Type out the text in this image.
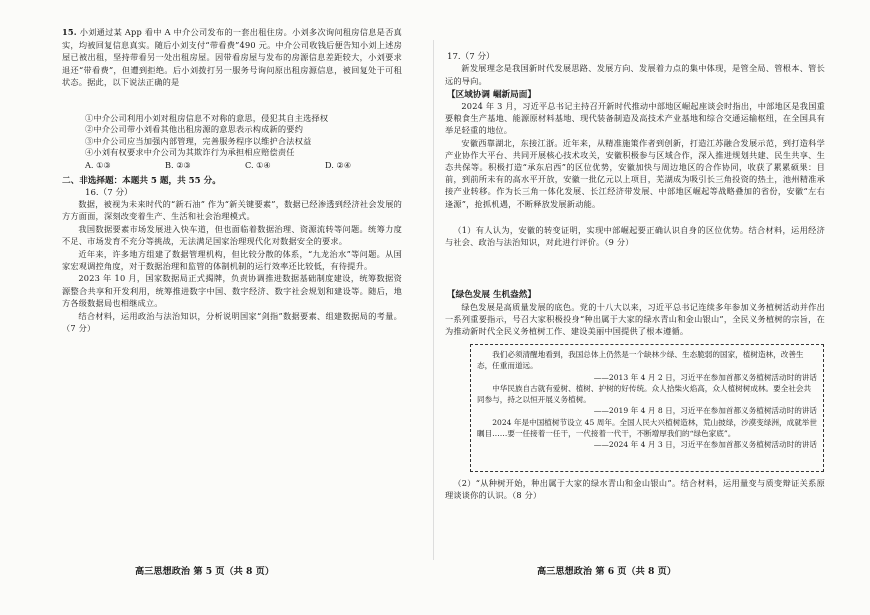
15. 小刘通过某 App 看中 A 中介公司发布的一套出租住房。小刘多次询问租房信息是否真实，均被回复信息真实。随后小刘支付“带看费”490 元。中介公司收钱后便告知小刘上述房屋已被出租，坚持带看另一处出租房屋。因带看房屋与发布的房源信息差距较大，小刘要求退还“带看费”，但遭到拒绝。后小刘拨打另一服务号询问原出租房源信息，被回复处于可租状态。据此，以下说法正确的是
①中介公司利用小刘对租房信息不对称的意思，侵犯其自主选择权
②中介公司带小刘看其他出租房源的意思表示构成新的要约
③中介公司应当加强内部管理，完善服务程序以维护合法权益
④小刘有权要求中介公司为其欺诈行为承担相应赔偿责任
A. ①③	B. ②③	C. ①④	D. ②④
二、非选择题：本题共 5 题，共 55 分。
16.（7 分）
数据，被视为未来时代的“新石油” 作为“新关键要素”，数据已经渗透到经济社会发展的方方面面，深刻改变着生产、生活和社会治理模式。
我国数据要素市场发展进入快车道，但也面临着数据治理、资源流转等问题。统筹力度不足、市场发育不充分等挑战，无法满足国家治理现代化对数据安全的要求。
近年来，许多地方组建了数据管理机构，但比较分散的体系，“九龙治水”等问题。从国家宏观调控角度，对于数据治理和监管的体制机制的运行效率还比较低，有待提升。
2023 年 10 月，国家数据局正式揭牌，负责协调推进数据基础制度建设，统筹数据资源整合共享和开发利用，统筹推进数字中国、数字经济、数字社会规划和建设等。随后，地方各级数据局也相继成立。
结合材料，运用政治与法治知识，分析说明国家“剑指”数据要素、组建数据局的考量。（7 分）
高三思想政治 第 5 页（共 8 页）
17.（7 分）
新发展理念是我国新时代发展思路、发展方向、发展着力点的集中体现，是管全局、管根本、管长远的导向。
【区域协调 崛新局面】
2024 年 3 月，习近平总书记主持召开新时代推动中部地区崛起座谈会时指出，中部地区是我国重要粮食生产基地、能源原材料基地、现代装备制造及高技术产业基地和综合交通运输枢纽，在全国具有举足轻重的地位。
安徽西靠湖北，东接江浙。近年来，从精准施策作者到创新，打造江苏融合发展示范，到打造科学产业协作大平台、共同开展核心技术攻关，安徽积极参与区域合作，深入推进规划共建、民生共享、生态共保等。积极打造“承东启西”的区位优势，安徽加快与周边地区的合作协同，收获了累累硕果：目前，到前所未有的高水平开放，安徽一批亿元以上项目，芜湖成为吸引长三角投资的热土，池州精准承接产业转移。作为长三角一体化发展、长江经济带发展、中部地区崛起等战略叠加的省份，安徽“左右逢源”，抢抓机遇，不断释放发展新动能。
（1）有人认为，安徽的转变证明，实现中部崛起要正确认识自身的区位优势。结合材料，运用经济与社会、政治与法治知识，对此进行评价。（9 分）
【绿色发展 生机盎然】
绿色发展是高质量发展的底色。党的十八大以来，习近平总书记连续多年参加义务植树活动并作出一系列重要指示，号召大家积极投身“种出属于大家的绿水青山和金山银山”，全民义务植树的宗旨，在为推动新时代全民义务植树工作、建设美丽中国提供了根本遵循。
我们必须清醒地看到，我国总体上仍然是一个缺林少绿、生态脆弱的国家，植树造林，改善生态，任重而道远。
——2013 年 4 月 2 日，习近平在参加首都义务植树活动时的讲话
中华民族自古就有爱树、植树、护树的好传统。众人拾柴火焰高，众人植树树成林。要全社会共同参与，持之以恒开展义务植树。
——2019 年 4 月 8 日，习近平在参加首都义务植树活动时的讲话
2024 年是中国植树节设立 45 周年。全国人民大兴植树造林，荒山披绿，沙漠变绿洲，成就举世瞩目……要一任接着一任干，一代接着一代干，不断增厚我们的“绿色家底”。
——2024 年 4 月 3 日，习近平在参加首都义务植树活动时的讲话
（2）“从种树开始，种出属于大家的绿水青山和金山银山”。结合材料，运用量变与质变辩证关系原理谈谈你的认识。（8 分）
高三思想政治 第 6 页（共 8 页）
